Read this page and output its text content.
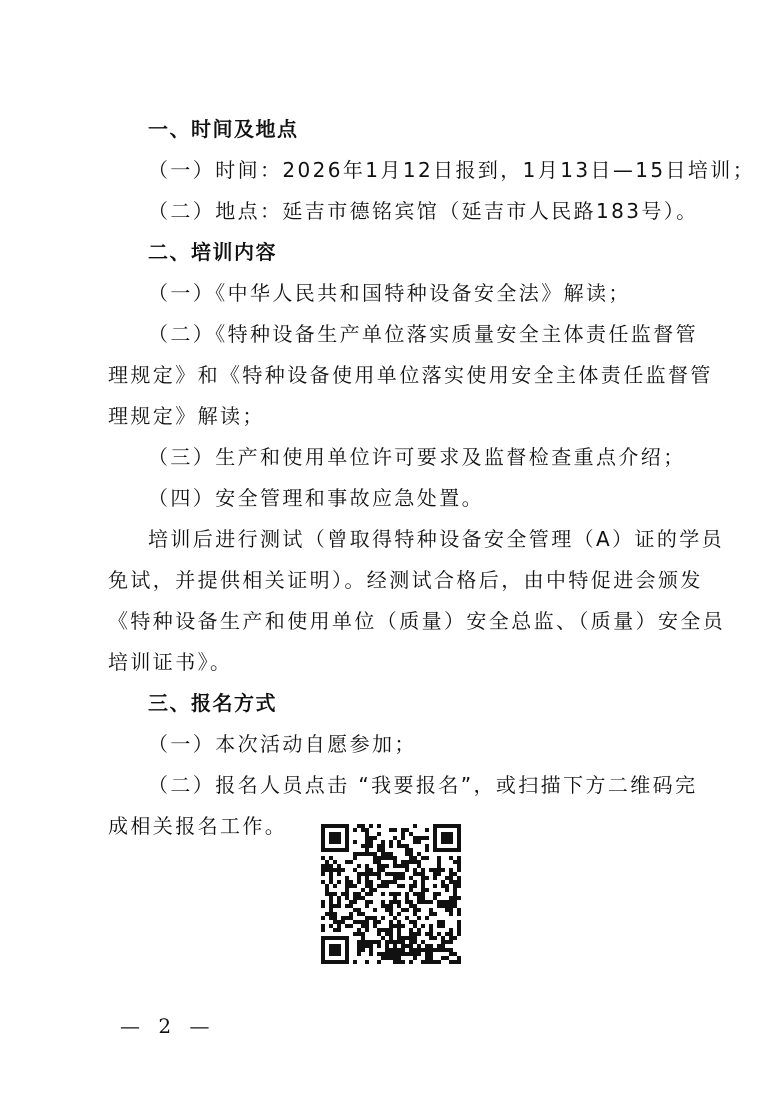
一、时间及地点
（一）时间：2026年1月12日报到，1月13日—15日培训；
（二）地点：延吉市德铭宾馆（延吉市人民路183号）。
二、培训内容
（一）《中华人民共和国特种设备安全法》解读；
（二）《特种设备生产单位落实质量安全主体责任监督管
理规定》和《特种设备使用单位落实使用安全主体责任监督管
理规定》解读；
（三）生产和使用单位许可要求及监督检查重点介绍；
（四）安全管理和事故应急处置。
培训后进行测试（曾取得特种设备安全管理（A）证的学员
免试，并提供相关证明）。经测试合格后，由中特促进会颁发
《特种设备生产和使用单位（质量）安全总监、（质量）安全员
培训证书》。
三、报名方式
（一）本次活动自愿参加；
（二）报名人员点击 “我要报名”，或扫描下方二维码完
成相关报名工作。
— 2 —
